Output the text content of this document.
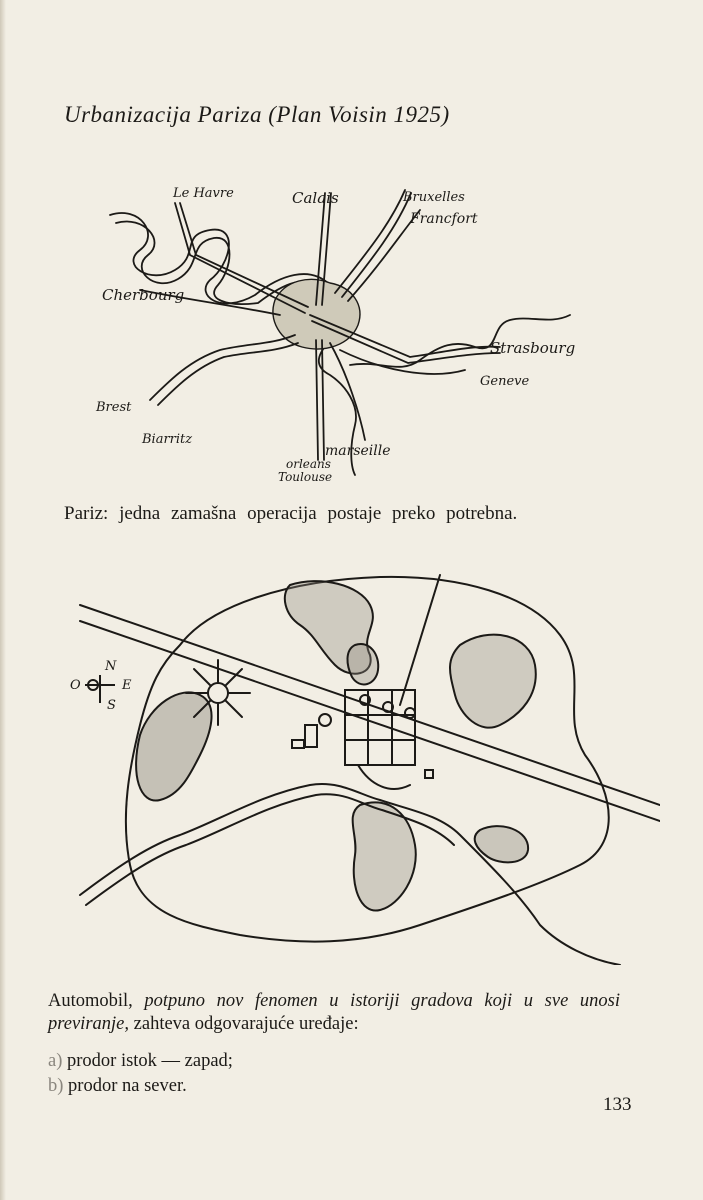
Urbanizacija Pariza (Plan Voisin 1925)
Le Havre	Calais	Bruxelles
Francfort
Cherbourg
Strasbourg
Geneve
Brest
Biarritz
marseille
orleans
Toulouse
Pariz: jedna zamašna operacija postaje preko potrebna.
N
S
E
O

Automobil, potpuno nov fenomen u istoriji gradova koji u sve unosi previranje, zahteva odgovarajuće uređaje:

a) prodor istok — zapad;
b) prodor na sever.
133
